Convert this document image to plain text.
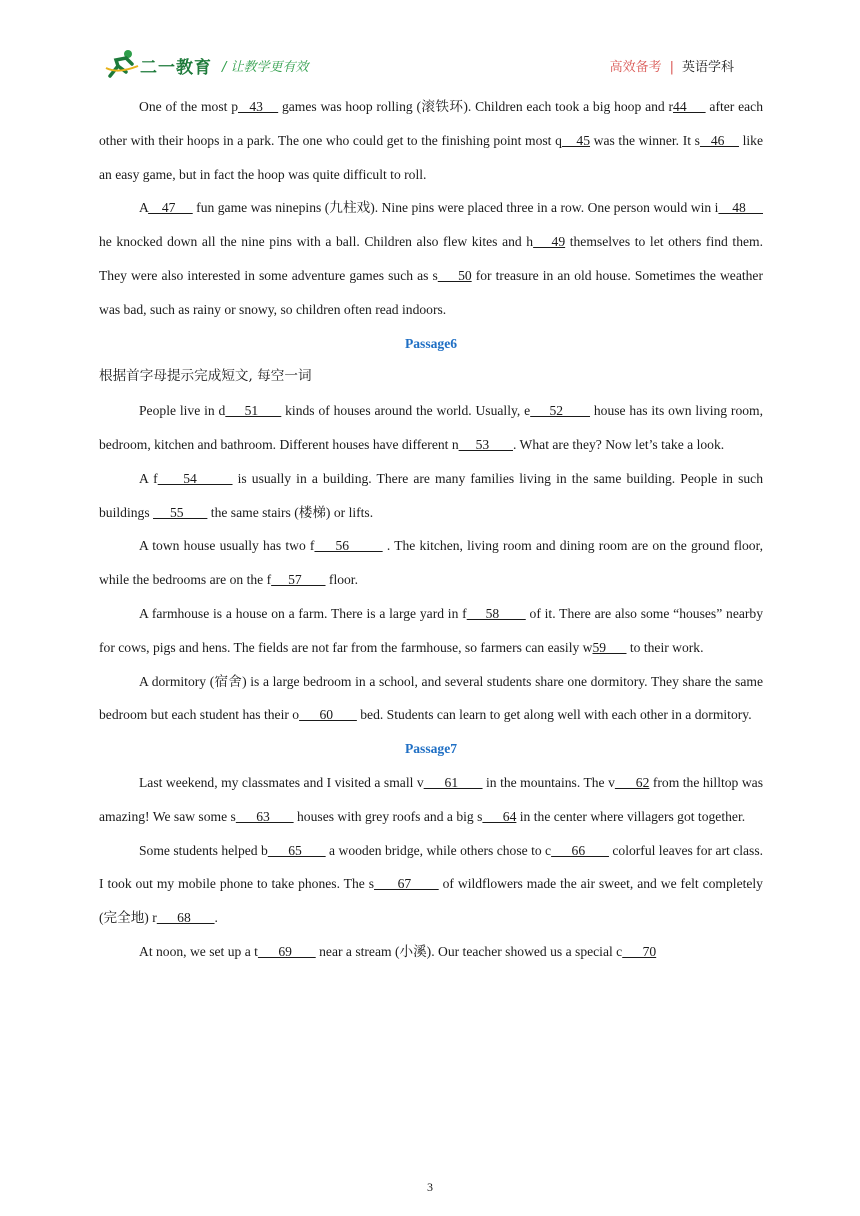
二一教育 / 让教学更有效	高效备考 | 英语学科

One of the most p   43     games was hoop rolling (滚铁环). Children each took a big hoop and r44      after each other with their hoops in a park. The one who could get to the finishing point most q    45 was the winner. It s   46     like an easy game, but in fact the hoop was quite difficult to roll.

A    47      fun game was ninepins (九柱戏). Nine pins were placed three in a row. One person would win i    48      he knocked down all the nine pins with a ball. Children also flew kites and h    49 themselves to let others find them. They were also interested in some adventure games such as s     50 for treasure in an old house. Sometimes the weather was bad, such as rainy or snowy, so children often read indoors.

Passage6

根据首字母提示完成短文, 每空一词

People live in d     51       kinds of houses around the world. Usually, e     52        house has its own living room, bedroom, kitchen and bathroom. Different houses have different n     53       . What are they? Now let’s take a look.

A f     54        is usually in a building. There are many families living in the same building. People in such buildings      55        the same stairs (楼梯) or lifts.

A town house usually has two f     56         . The kitchen, living room and dining room are on the ground floor, while the bedrooms are on the f     57        floor.

A farmhouse is a house on a farm. There is a large yard in f     58        of it. There are also some “houses” nearby for cows, pigs and hens. The fields are not far from the farmhouse, so farmers can easily w59       to their work.

A dormitory (宿舍) is a large bedroom in a school, and several students share one dormitory. They share the same bedroom but each student has their o      60        bed. Students can learn to get along well with each other in a dormitory.

Passage7

Last weekend, my classmates and I visited a small v      61        in the mountains. The v      62 from the hilltop was amazing! We saw some s      63        houses with grey roofs and a big s      64 in the center where villagers got together.

Some students helped b      65        a wooden bridge, while others chose to c      66        colorful leaves for art class. I took out my mobile phone to take phones. The s      67        of wildflowers made the air sweet, and we felt completely (完全地) r      68       .

At noon, we set up a t      69        near a stream (小溪). Our teacher showed us a special c      70

3
